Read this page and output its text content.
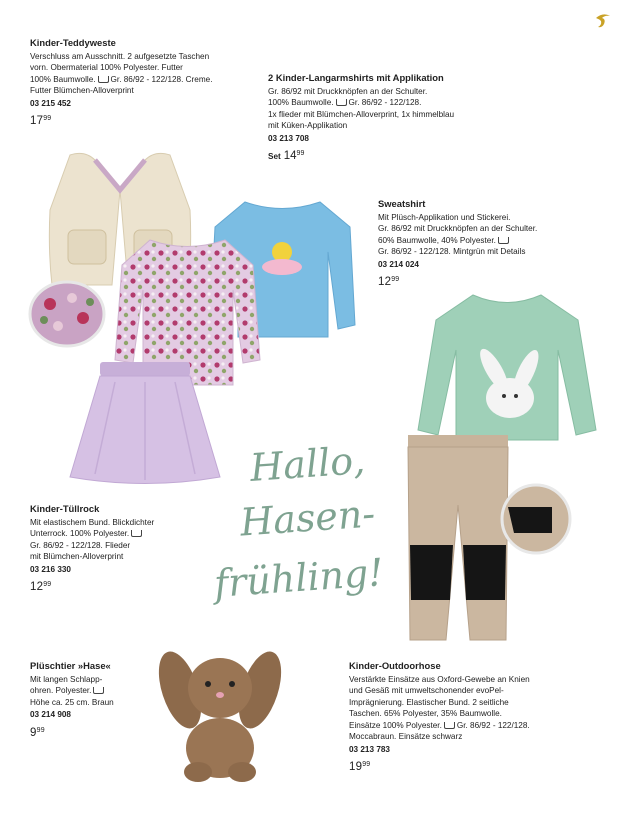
Kinder-Teddyweste
Verschluss am Ausschnitt. 2 aufgesetzte Taschen
vorn. Obermaterial 100% Polyester. Futter
100% Baumwolle. Gr. 86/92 - 122/128. Creme.
Futter Blümchen-Alloverprint
03 215 452
$17^{99}$
2 Kinder-Langarmshirts mit Applikation
Gr. 86/92 mit Druckknöpfen an der Schulter.
100% Baumwolle. Gr. 86/92 - 122/128.
1x flieder mit Blümchen-Alloverprint, 1x himmelblau
mit Küken-Applikation
03 213 708
Set $14^{99}$
Sweatshirt
Mit Plüsch-Applikation und Stickerei.
Gr. 86/92 mit Druckknöpfen an der Schulter.
60% Baumwolle, 40% Polyester.
Gr. 86/92 - 122/128. Mintgrün mit Details
03 214 024
$12^{99}$
Kinder-Tüllrock
Mit elastischem Bund. Blickdichter
Unterrock. 100% Polyester.
Gr. 86/92 - 122/128. Flieder
mit Blümchen-Alloverprint
03 216 330
$12^{99}$
Plüschtier »Hase«
Mit langen Schlapp-
ohren. Polyester.
Höhe ca. 25 cm. Braun
03 214 908
$9^{99}$
Kinder-Outdoorhose
Verstärkte Einsätze aus Oxford-Gewebe an Knien
und Gesäß mit umweltschonender evoPel-
Imprägnierung. Elastischer Bund. 2 seitliche
Taschen. 65% Polyester, 35% Baumwolle.
Einsätze 100% Polyester. Gr. 86/92 - 122/128.
Moccabraun. Einsätze schwarz
03 213 783
$19^{99}$
Hallo,
Hasen-
frühling!
